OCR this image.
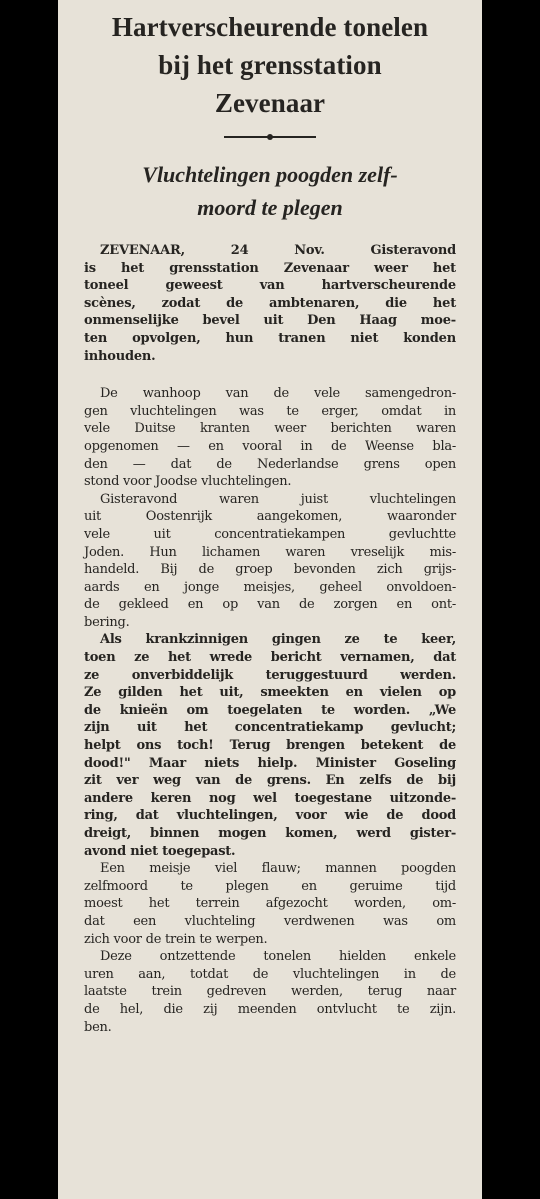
Hartverscheurende tonelen
bij het grensstation
Zevenaar
Vluchtelingen poogden zelf-
moord te plegen
ZEVENAAR, 24 Nov. Gisteravond
is het grensstation Zevenaar weer het
toneel geweest van hartverscheurende
scènes, zodat de ambtenaren, die het
onmenselijke bevel uit Den Haag moe-
ten opvolgen, hun tranen niet konden
inhouden.
De wanhoop van de vele samengedron-
gen vluchtelingen was te erger, omdat in
vele Duitse kranten weer berichten waren
opgenomen — en vooral in de Weense bla-
den — dat de Nederlandse grens open
stond voor Joodse vluchtelingen.
Gisteravond waren juist vluchtelingen
uit Oostenrijk aangekomen, waaronder
vele uit concentratiekampen gevluchtte
Joden. Hun lichamen waren vreselijk mis-
handeld. Bij de groep bevonden zich grijs-
aards en jonge meisjes, geheel onvoldoen-
de gekleed en op van de zorgen en ont-
bering.
Als krankzinnigen gingen ze te keer,
toen ze het wrede bericht vernamen, dat
ze onverbiddelijk teruggestuurd werden.
Ze gilden het uit, smeekten en vielen op
de knieën om toegelaten te worden. „We
zijn uit het concentratiekamp gevlucht;
helpt ons toch! Terug brengen betekent de
dood!" Maar niets hielp. Minister Goseling
zit ver weg van de grens. En zelfs de bij
andere keren nog wel toegestane uitzonde-
ring, dat vluchtelingen, voor wie de dood
dreigt, binnen mogen komen, werd gister-
avond niet toegepast.
Een meisje viel flauw; mannen poogden
zelfmoord te plegen en geruime tijd
moest het terrein afgezocht worden, om-
dat een vluchteling verdwenen was om
zich voor de trein te werpen.
Deze ontzettende tonelen hielden enkele
uren aan, totdat de vluchtelingen in de
laatste trein gedreven werden, terug naar
de hel, die zij meenden ontvlucht te zijn.
ben.
